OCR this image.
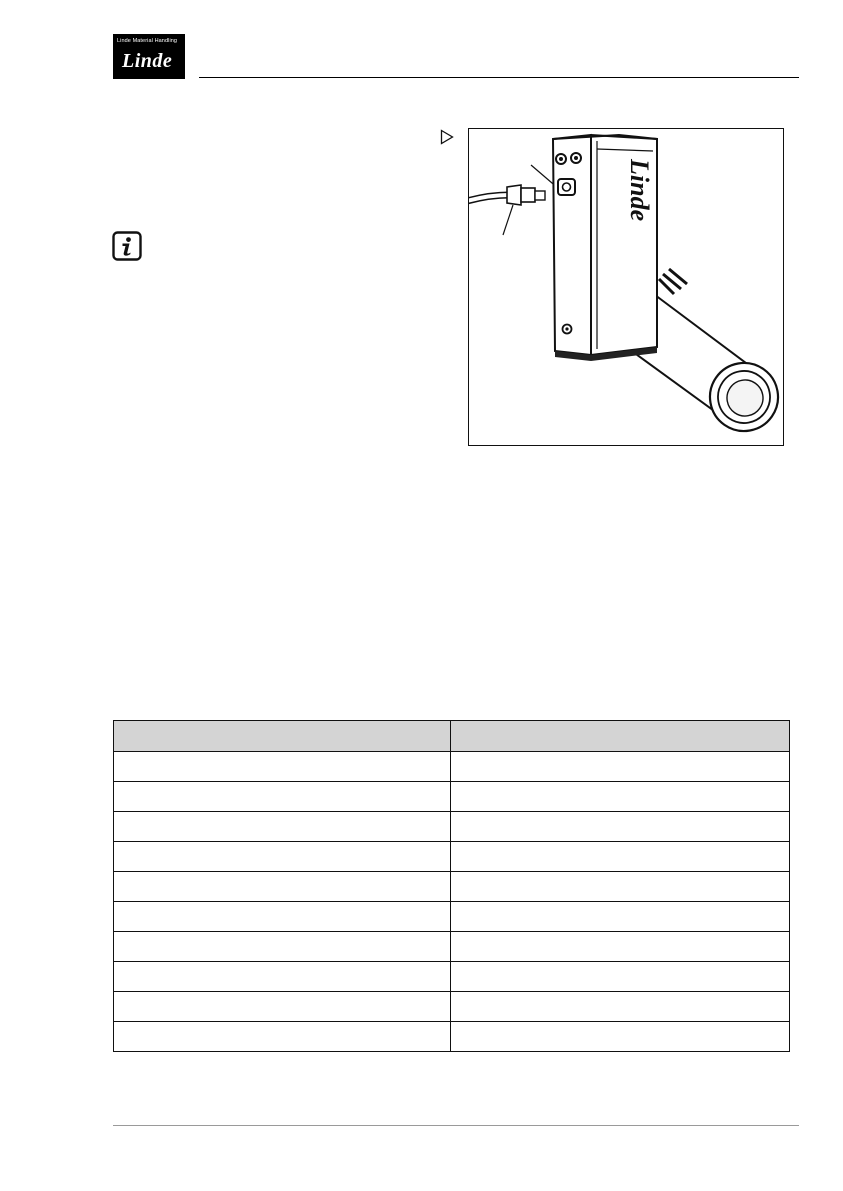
Linde Material Handling
Linde
Linde
